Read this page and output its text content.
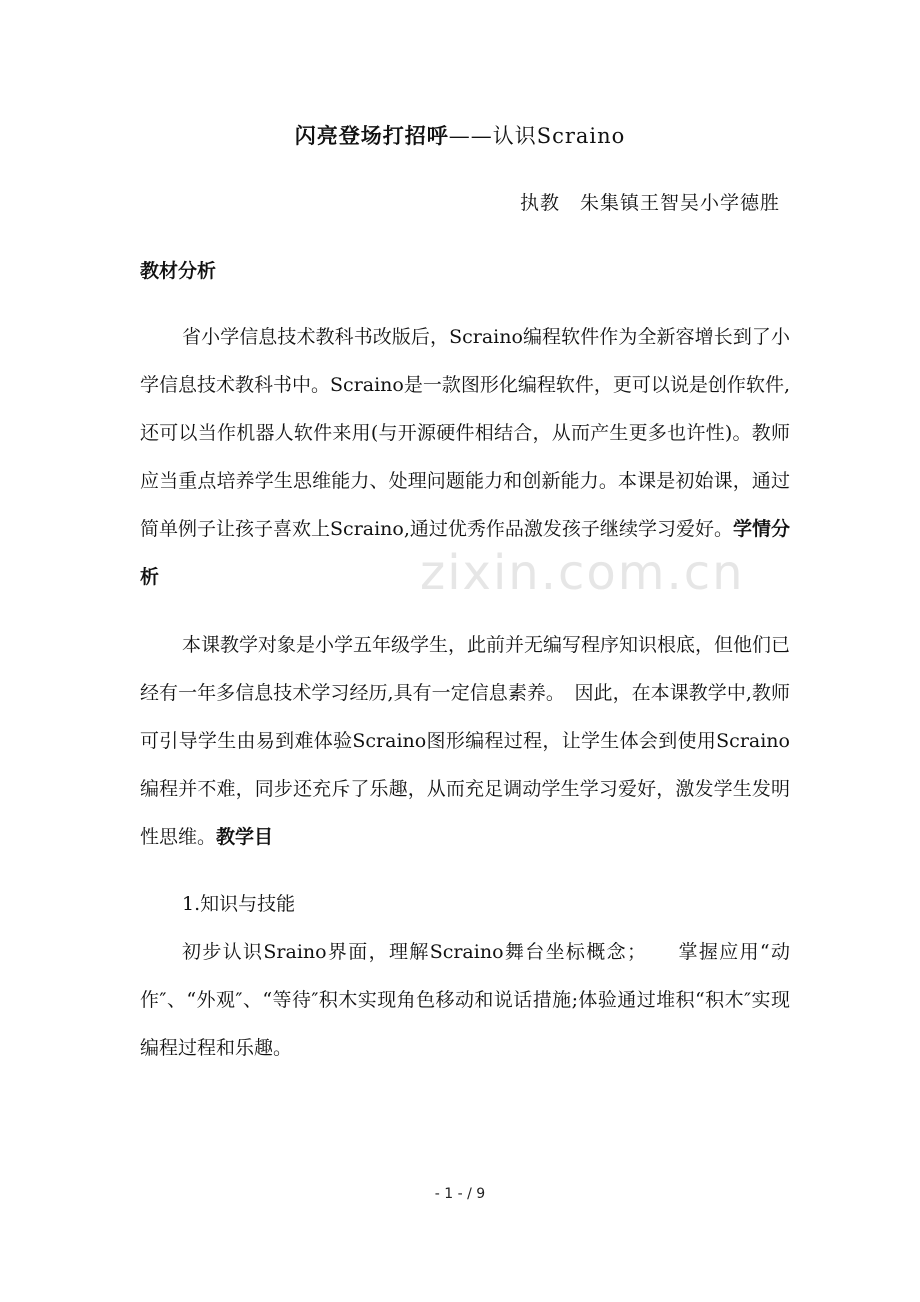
zixin.com.cn
闪亮登场打招呼——认识Scraino
执教　朱集镇王智吴小学德胜
教材分析
省小学信息技术教科书改版后，Scraino编程软件作为全新容增长到了小学信息技术教科书中。Scraino是一款图形化编程软件，更可以说是创作软件,还可以当作机器人软件来用(与开源硬件相结合，从而产生更多也许性)。教师应当重点培养学生思维能力、处理问题能力和创新能力。本课是初始课，通过简单例子让孩子喜欢上Scraino,通过优秀作品激发孩子继续学习爱好。学情分析
本课教学对象是小学五年级学生，此前并无编写程序知识根底，但他们已经有一年多信息技术学习经历,具有一定信息素养。　因此，在本课教学中,教师可引导学生由易到难体验Scraino图形编程过程，让学生体会到使用Scraino编程并不难，同步还充斥了乐趣，从而充足调动学生学习爱好，激发学生发明性思维。教学目
1.知识与技能
初步认识Sraino界面，理解Scraino舞台坐标概念；　　掌握应用“动作″、“外观″、“等待″积木实现角色移动和说话措施;体验通过堆积“积木″实现编程过程和乐趣。
- 1 - / 9
